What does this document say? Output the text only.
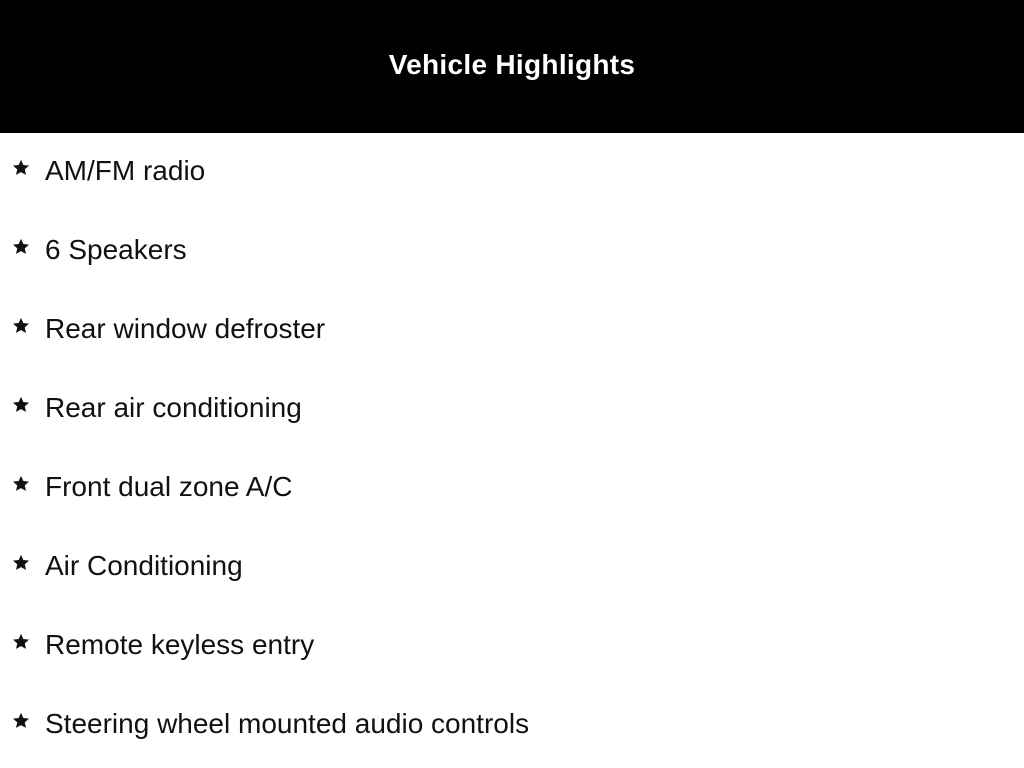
Vehicle Highlights
AM/FM radio
6 Speakers
Rear window defroster
Rear air conditioning
Front dual zone A/C
Air Conditioning
Remote keyless entry
Steering wheel mounted audio controls
